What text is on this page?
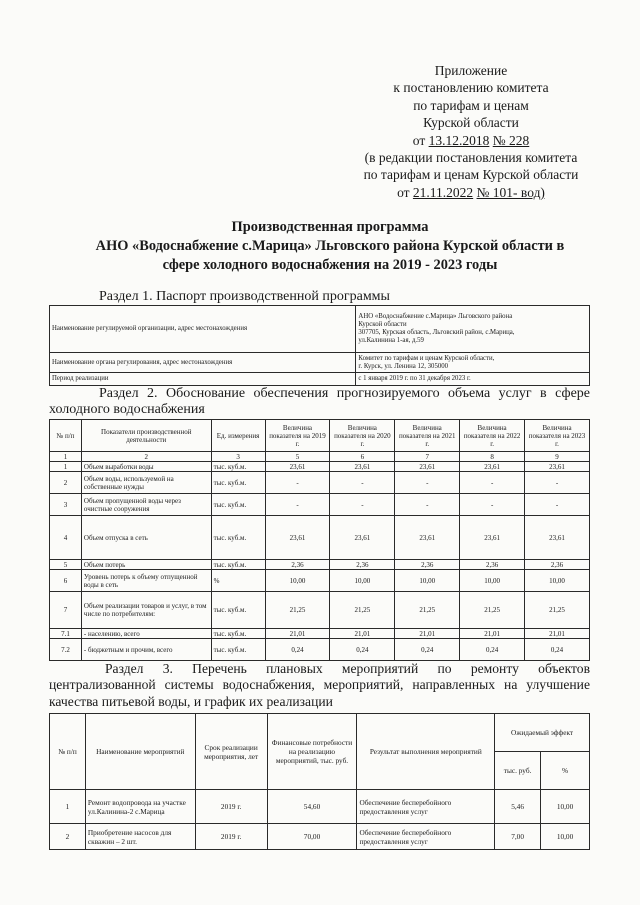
Приложение
к постановлению комитета
по тарифам и ценам
Курской области
от 13.12.2018 № 228
(в редакции постановления комитета
по тарифам и ценам Курской области
от 21.11.2022 № 101- вод)
Производственная программа
АНО «Водоснабжение с.Марица» Льговского района Курской области в
сфере холодного водоснабжения на 2019 - 2023 годы
Раздел 1. Паспорт производственной программы
Наименование регулируемой организации, адрес местонахождения	АНО «Водоснабжение с.Марица» Льговского района
Курской области
307705, Курская область, Льговский район, с.Марица,
ул.Калинина 1-ая, д.59

Наименование органа регулирования, адрес местонахождения	Комитет по тарифам и ценам Курской области,
г. Курск, ул. Ленина 12, 305000

Период реализации	с 1 января 2019 г. по 31 декабря 2023 г.
Раздел 2. Обоснование обеспечения прогнозируемого объема услуг в сфере
холодного водоснабжения
№ п/п	Показатели производственной деятельности	Ед. измерения	Величина показателя на 2019 г.	Величина показателя на 2020 г.	Величина показателя на 2021 г.	Величина показателя на 2022 г.	Величина показателя на 2023 г.
1	2	3	5	6	7	8	9
1	Объем выработки воды	тыс. куб.м.	23,61	23,61	23,61	23,61	23,61
2	Объем воды, используемой на собственные нужды	тыс. куб.м.	-	-	-	-	-
3	Объем пропущенной воды через очистные сооружения	тыс. куб.м.	-	-	-	-	-
4	Объем отпуска в сеть	тыс. куб.м.	23,61	23,61	23,61	23,61	23,61
5	Объем потерь	тыс. куб.м.	2,36	2,36	2,36	2,36	2,36
6	Уровень потерь к объему отпущенной воды в сеть	%	10,00	10,00	10,00	10,00	10,00
7	Объем реализации товаров и услуг, в том числе по потребителям:	тыс. куб.м.	21,25	21,25	21,25	21,25	21,25
7.1	- населению, всего	тыс. куб.м.	21,01	21,01	21,01	21,01	21,01
7.2	- бюджетным и прочим, всего	тыс. куб.м.	0,24	0,24	0,24	0,24	0,24
Раздел 3. Перечень плановых мероприятий по ремонту объектов
централизованной системы водоснабжения, мероприятий, направленных на улучшение
качества питьевой воды, и график их реализации
№ п/п	Наименование мероприятий	Срок реализации мероприятия, лет	Финансовые потребности на реализацию мероприятий, тыс. руб.	Результат выполнения мероприятий	Ожидаемый эффект	
					тыс. руб.	%
1	Ремонт водопровода на участке ул.Калинина-2 с.Марица	2019 г.	54,60	Обеспечение бесперебойного предоставления услуг	5,46	10,00
2	Приобретение насосов для скважин – 2 шт.	2019 г.	70,00	Обеспечение бесперебойного предоставления услуг	7,00	10,00
